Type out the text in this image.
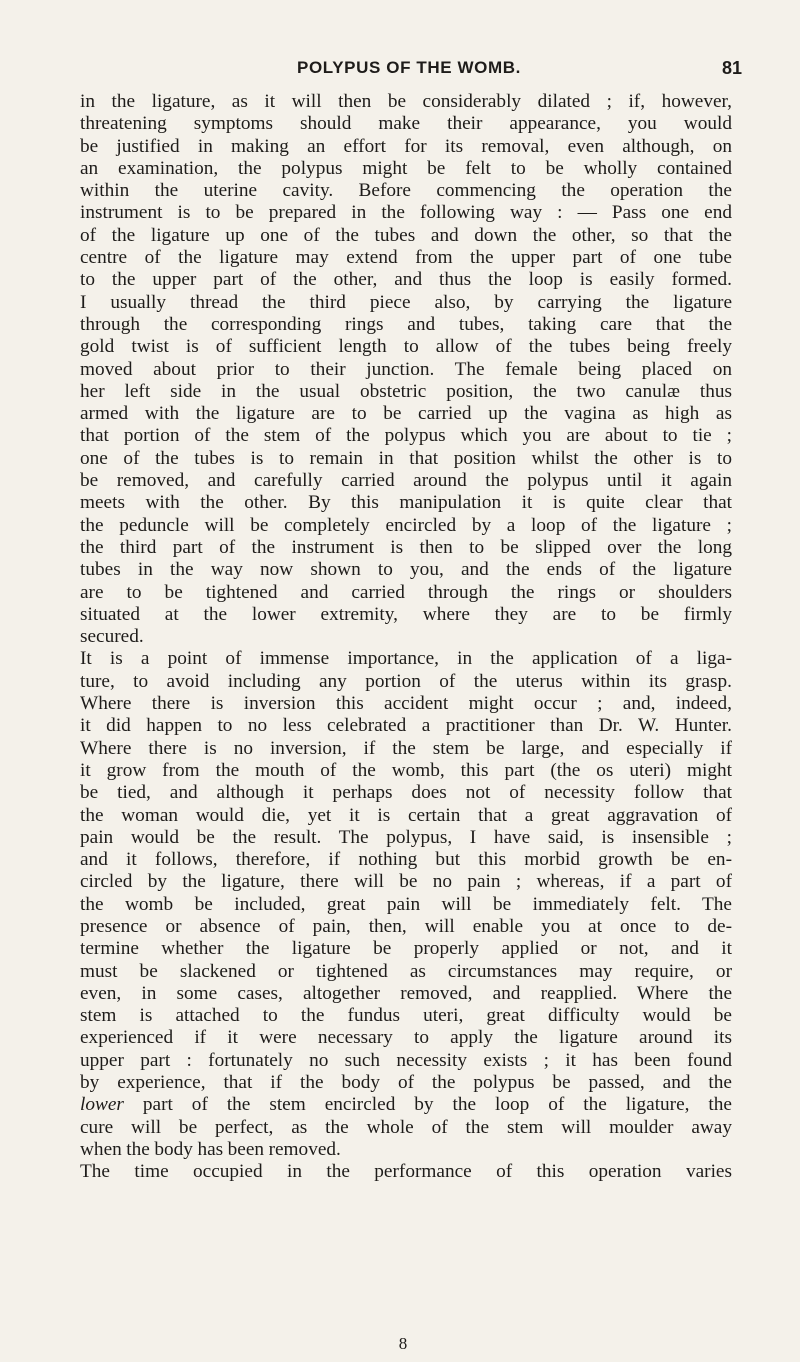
POLYPUS OF THE WOMB.	81
in the ligature, as it will then be considerably dilated ; if, however,
threatening symptoms should make their appearance, you would
be justified in making an effort for its removal, even although, on
an examination, the polypus might be felt to be wholly contained
within the uterine cavity. Before commencing the operation the
instrument is to be prepared in the following way : — Pass one end
of the ligature up one of the tubes and down the other, so that the
centre of the ligature may extend from the upper part of one tube
to the upper part of the other, and thus the loop is easily formed.
I usually thread the third piece also, by carrying the ligature
through the corresponding rings and tubes, taking care that the
gold twist is of sufficient length to allow of the tubes being freely
moved about prior to their junction. The female being placed on
her left side in the usual obstetric position, the two canulæ thus
armed with the ligature are to be carried up the vagina as high as
that portion of the stem of the polypus which you are about to tie ;
one of the tubes is to remain in that position whilst the other is to
be removed, and carefully carried around the polypus until it again
meets with the other. By this manipulation it is quite clear that
the peduncle will be completely encircled by a loop of the ligature ;
the third part of the instrument is then to be slipped over the long
tubes in the way now shown to you, and the ends of the ligature
are to be tightened and carried through the rings or shoulders
situated at the lower extremity, where they are to be firmly
secured.
It is a point of immense importance, in the application of a liga-
ture, to avoid including any portion of the uterus within its grasp.
Where there is inversion this accident might occur ; and, indeed,
it did happen to no less celebrated a practitioner than Dr. W. Hunter.
Where there is no inversion, if the stem be large, and especially if
it grow from the mouth of the womb, this part (the os uteri) might
be tied, and although it perhaps does not of necessity follow that
the woman would die, yet it is certain that a great aggravation of
pain would be the result. The polypus, I have said, is insensible ;
and it follows, therefore, if nothing but this morbid growth be en-
circled by the ligature, there will be no pain ; whereas, if a part of
the womb be included, great pain will be immediately felt. The
presence or absence of pain, then, will enable you at once to de-
termine whether the ligature be properly applied or not, and it
must be slackened or tightened as circumstances may require, or
even, in some cases, altogether removed, and reapplied. Where the
stem is attached to the fundus uteri, great difficulty would be
experienced if it were necessary to apply the ligature around its
upper part : fortunately no such necessity exists ; it has been found
by experience, that if the body of the polypus be passed, and the
lower part of the stem encircled by the loop of the ligature, the
cure will be perfect, as the whole of the stem will moulder away
when the body has been removed.
The time occupied in the performance of this operation varies
8
